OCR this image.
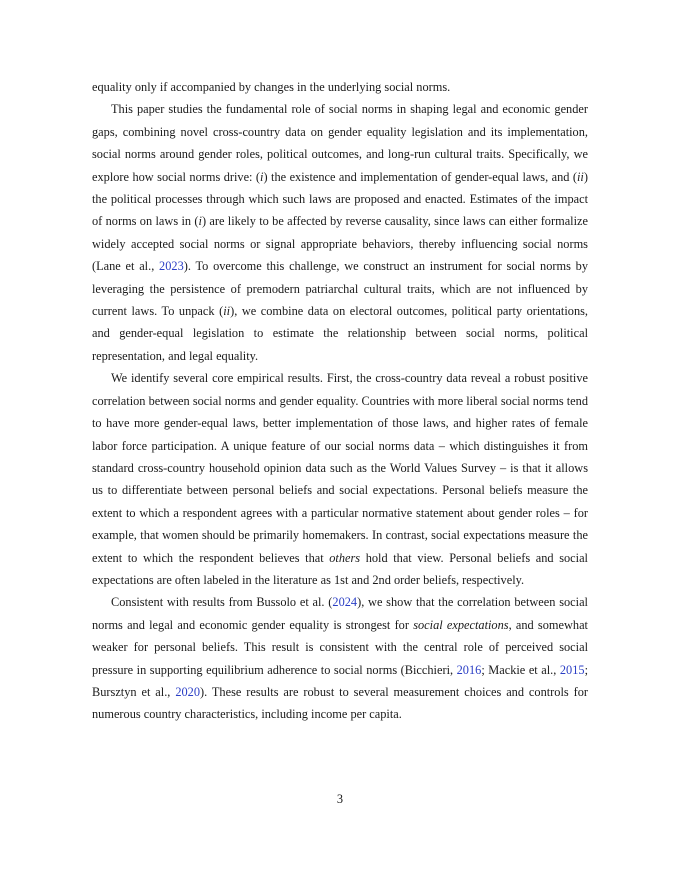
equality only if accompanied by changes in the underlying social norms.

This paper studies the fundamental role of social norms in shaping legal and economic gender gaps, combining novel cross-country data on gender equality legislation and its implementation, social norms around gender roles, political outcomes, and long-run cultural traits. Specifically, we explore how social norms drive: (i) the existence and implementation of gender-equal laws, and (ii) the political processes through which such laws are proposed and enacted. Estimates of the impact of norms on laws in (i) are likely to be affected by reverse causality, since laws can either formalize widely accepted social norms or signal appropriate behaviors, thereby influencing social norms (Lane et al., 2023). To overcome this challenge, we construct an instrument for social norms by leveraging the persistence of premodern patriarchal cultural traits, which are not influenced by current laws. To unpack (ii), we combine data on electoral outcomes, political party orientations, and gender-equal legislation to estimate the relationship between social norms, political representation, and legal equality.

We identify several core empirical results. First, the cross-country data reveal a robust positive correlation between social norms and gender equality. Countries with more liberal social norms tend to have more gender-equal laws, better implementation of those laws, and higher rates of female labor force participation. A unique feature of our social norms data – which distinguishes it from standard cross-country household opinion data such as the World Values Survey – is that it allows us to differentiate between personal beliefs and social expectations. Personal beliefs measure the extent to which a respondent agrees with a particular normative statement about gender roles – for example, that women should be primarily homemakers. In contrast, social expectations measure the extent to which the respondent believes that others hold that view. Personal beliefs and social expectations are often labeled in the literature as 1st and 2nd order beliefs, respectively.

Consistent with results from Bussolo et al. (2024), we show that the correlation between social norms and legal and economic gender equality is strongest for social expectations, and somewhat weaker for personal beliefs. This result is consistent with the central role of perceived social pressure in supporting equilibrium adherence to social norms (Bicchieri, 2016; Mackie et al., 2015; Bursztyn et al., 2020). These results are robust to several measurement choices and controls for numerous country characteristics, including income per capita.

3
